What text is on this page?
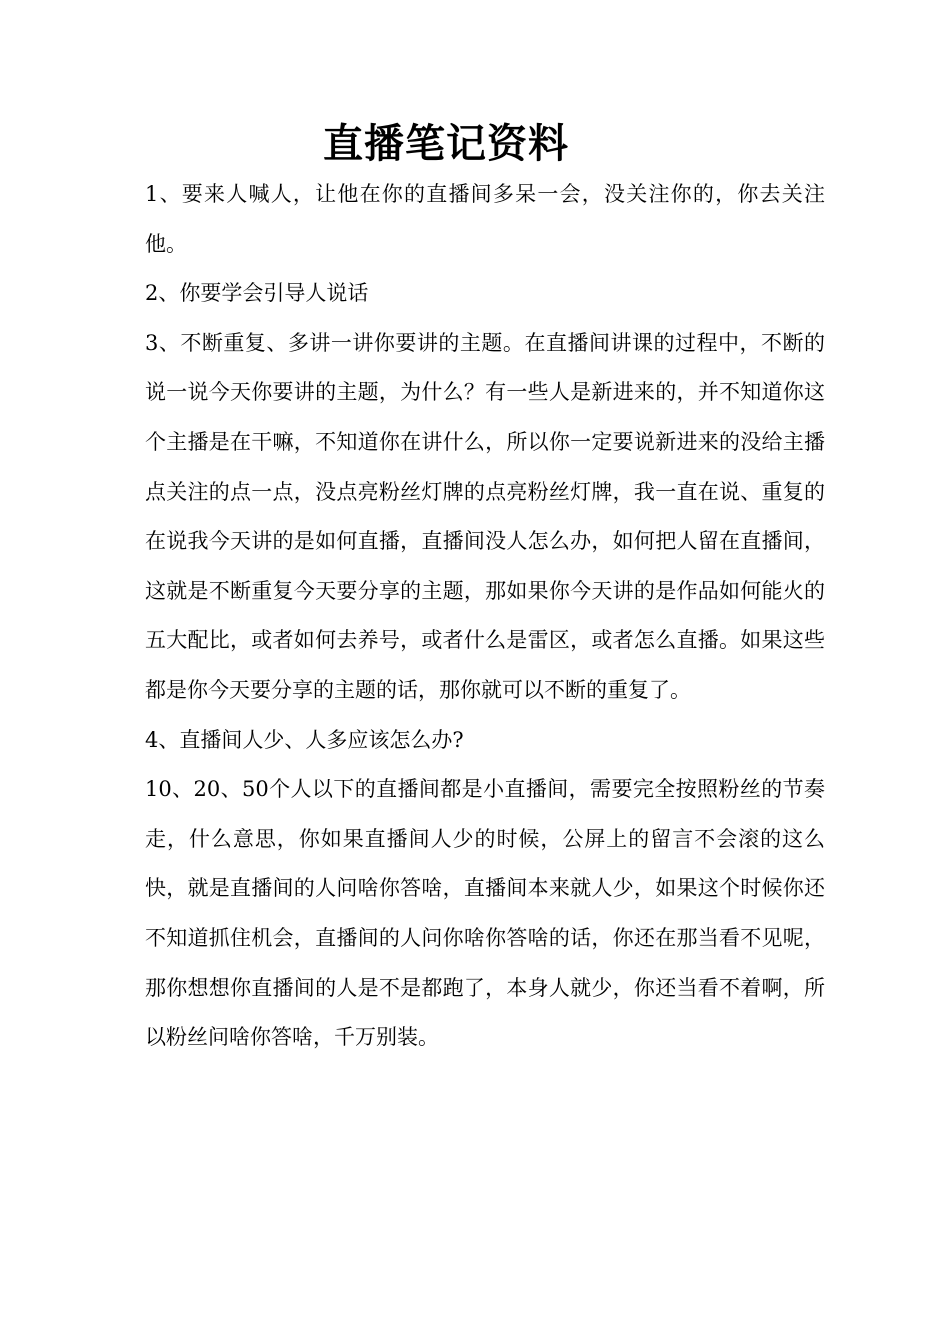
直播笔记资料

1、要来人喊人，让他在你的直播间多呆一会，没关注你的，你去关注他。

2、你要学会引导人说话

3、不断重复、多讲一讲你要讲的主题。在直播间讲课的过程中，不断的说一说今天你要讲的主题，为什么？有一些人是新进来的，并不知道你这个主播是在干嘛，不知道你在讲什么，所以你一定要说新进来的没给主播点关注的点一点，没点亮粉丝灯牌的点亮粉丝灯牌，我一直在说、重复的在说我今天讲的是如何直播，直播间没人怎么办，如何把人留在直播间，这就是不断重复今天要分享的主题，那如果你今天讲的是作品如何能火的五大配比，或者如何去养号，或者什么是雷区，或者怎么直播。如果这些都是你今天要分享的主题的话，那你就可以不断的重复了。

4、直播间人少、人多应该怎么办?

10、20、50个人以下的直播间都是小直播间，需要完全按照粉丝的节奏走，什么意思，你如果直播间人少的时候，公屏上的留言不会滚的这么快，就是直播间的人问啥你答啥，直播间本来就人少，如果这个时候你还不知道抓住机会，直播间的人问你啥你答啥的话，你还在那当看不见呢，那你想想你直播间的人是不是都跑了，本身人就少，你还当看不着啊，所以粉丝问啥你答啥，千万别装。
